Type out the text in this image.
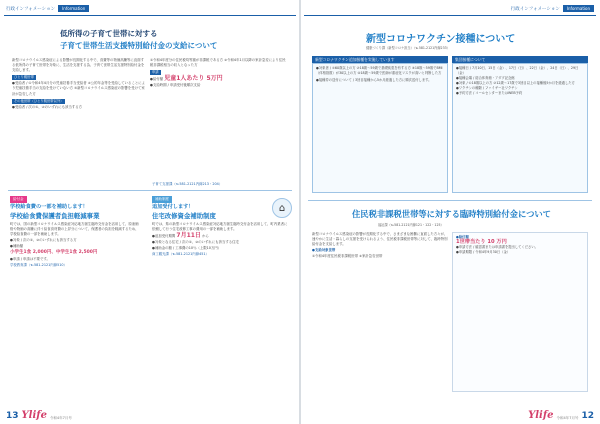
行政インフォメーション	Information
低所得の子育て世帯に対する
子育て世帯生活支援特別給付金の支給について

新型コロナウイルス感染症による影響が長期化する中で、食費等の物価高騰等に直面する低所得の子育て世帯を対象に、生活を支援する為、子育て世帯生活支援特別給付金を支給します。

ひとり親世帯

●受給者 / ①令和4年4月分の児童扶養手当受給者 ②公的年金等を受給していることにより児童扶養手当の支給を受けていない方 ③新型コロナウイルス感染症の影響を受けて家計が急変した方

その他世帯（ひとり親世帯以外）

●受給者 / 次の①、②のいずれにも該当する方

①令和4年度分の住民税均等割が非課税である方 ②令和4年1月以降の家計急変により住民税非課税相当の収入となった方

申請

●給付額 児童1人あたり 5万円

●支給時期 / 申請受付後順次支給

子育て支援課（℡581-2121内線213・204）
給付金
学校給食費の一部を補助します！
学校給食費保護者負担軽減事業

町では、国の新型コロナウイルス感染症対応地方創生臨時交付金を活用して、原油価格や物価の高騰に伴う給食食材費の上昇分について、保護者の負担を軽減するため、学校給食費の一部を補助します。

●対象 / 次の①、②のいずれにも該当する方

●補助額

小学生1食 2,000円、中学生1食 2,500円

●申請 / 申請は不要です。

学校教育課（℡581-2121内線510）

補助制度
追加受付します！
住宅改修資金補助制度
⌂

町では、県の新型コロナウイルス感染症対応地方創生臨時交付金を活用して、町内業者に依頼して行う住宅改修工事の費用の一部を補助します。

●追加受付期間 7月11日 から

●対象となる住宅 / 次の①、②のいずれにも該当する住宅

●補助金の額 / 工事費の10％（上限10万円）

商工観光課（℡581-2121内線451）

13 Ylife 令和4年7月号
行政インフォメーション	Information
新型コロナワクチン接種について
健康づくり課（新型コロナ担当）（℡581-2121内線233）
新型コロナワクチン追加接種を実施しています

●対象者 / ①60歳以上の方 ②18歳～59歳で基礎疾患を有する方 ③18歳～59歳でBMI（体格指数）が30以上の方 ④18歳～59歳で医師が重症化リスクが高いと判断した方

●接種券の送付について / 3回目接種から5か月経過した方に順次送付します。

集団接種について

●接種日 / 7月10日、15日（金）、17日（日）、22日（金）、24日（日）、29日（金）

●接種会場 / 総合体育館・アダプ記念館

●対象 / ①18歳以上の方 ②12歳～17歳で3回目以上の接種後5か月を経過した方

●ワクチンの種類 / ファイザー社ワクチン

●予約方法 / コールセンターまたはWEB予約

住民税非課税世帯等に対する臨時特別給付金について
福祉課（℡581-2121内線121・122・125）

新型コロナウイルス感染症の影響が長期化する中で、さまざまな困難に直面した方々が、速やかに生活・暮らしの支援を受けられるよう、住民税非課税世帯等に対して、臨時特別給付金を支給します。

●支給対象世帯

①令和4年度住民税非課税世帯 ②家計急変世帯

●給付額

1世帯当たり 10 万円

●申請方法 / 確認書または申請書を提出してください。

●申請期限 / 令和4年9月30日（金）

Ylife 令和4年7月号 12
